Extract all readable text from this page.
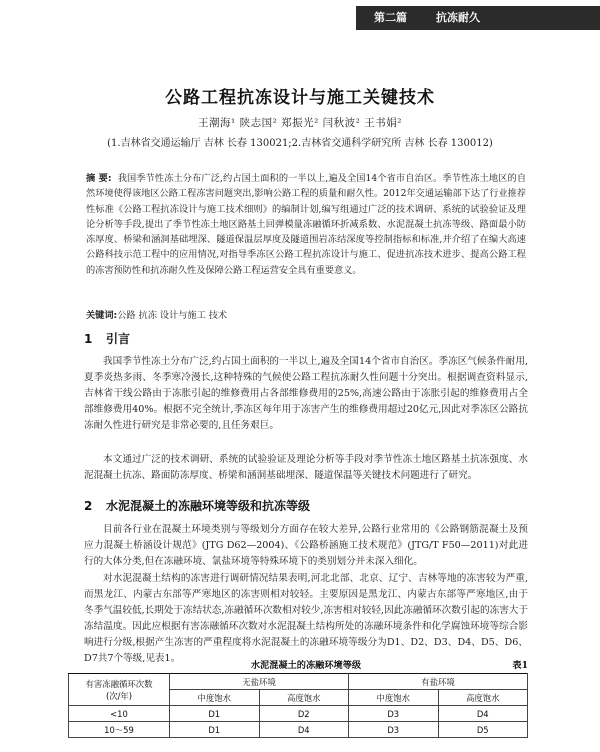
第二篇	抗冻耐久
公路工程抗冻设计与施工关键技术
王潮海¹ 陕志国² 郑振光² 闫秋波² 王书娟²
(1.吉林省交通运输厅 吉林 长春 130021;2.吉林省交通科学研究所 吉林 长春 130012)
摘 要: 我国季节性冻土分布广泛,约占国土面积的一半以上,遍及全国14个省市自治区。季节性冻土地区的自然环境使得该地区公路工程冻害问题突出,影响公路工程的质量和耐久性。2012年交通运输部下达了行业推荐性标准《公路工程抗冻设计与施工技术细则》的编制计划,编写组通过广泛的技术调研、系统的试验验证及理论分析等手段,提出了季节性冻土地区路基土回弹模量冻融循环折减系数、水泥混凝土抗冻等级、路面最小防冻厚度、桥梁和涵洞基础埋深、隧道保温层厚度及隧道围岩冻结深度等控制指标和标准,并介绍了在编大高速公路科技示范工程中的应用情况,对指导季冻区公路工程抗冻设计与施工、促进抗冻技术进步、提高公路工程的冻害预防性和抗冻耐久性及保障公路工程运营安全具有重要意义。
关键词:公路 抗冻 设计与施工 技术
1 引言
我国季节性冻土分布广泛,约占国土面积的一半以上,遍及全国14个省市自治区。季冻区气候条件耐用,夏季炎热多雨、冬季寒冷漫长,这种特殊的气候使公路工程抗冻耐久性问题十分突出。根据调查资料显示,吉林省干线公路由于冻胀引起的维修费用占各部维修费用的25%,高速公路由于冻胀引起的维修费用占全部维修费用40%。根据不完全统计,季冻区每年用于冻害产生的维修费用超过20亿元,因此对季冻区公路抗冻耐久性进行研究是非常必要的,且任务艰巨。
本文通过广泛的技术调研、系统的试验验证及理论分析等手段对季节性冻土地区路基土抗冻强度、水泥混凝土抗冻、路面防冻厚度、桥梁和涵洞基础埋深、隧道保温等关键技术问题进行了研究。
2 水泥混凝土的冻融环境等级和抗冻等级
目前各行业在混凝土环境类别与等级划分方面存在较大差异,公路行业常用的《公路钢筋混凝土及预应力混凝土桥涵设计规范》(JTG D62—2004)、《公路桥涵施工技术规范》(JTG/T F50—2011)对此进行的大体分类,但在冻融环境、氯盐环境等特殊环境下的类别划分并未深入细化。
对水泥混凝土结构的冻害进行调研情况结果表明,河北北部、北京、辽宁、吉林等地的冻害较为严重,而黑龙江、内蒙古东部等严寒地区的冻害则相对较轻。主要原因是黑龙江、内蒙古东部等严寒地区,由于冬季气温较低,长期处于冻结状态,冻融循环次数相对较少,冻害相对较轻,因此冻融循环次数引起的冻害大于冻结温度。因此应根据有害冻融循环次数对水泥混凝土结构所处的冻融环境条件和化学腐蚀环境等综合影响进行分级,根据产生冻害的严重程度将水泥混凝土的冻融环境等级分为D1、D2、D3、D4、D5、D6、D7共7个等级,见表1。
水泥混凝土的冻融环境等级	表1
有害冻融循环次数
(次/年)	无盐环境		有盐环境	
	中度饱水	高度饱水	中度饱水	高度饱水
<10	D1	D2	D3	D4
10～59	D1	D4	D3	D5
